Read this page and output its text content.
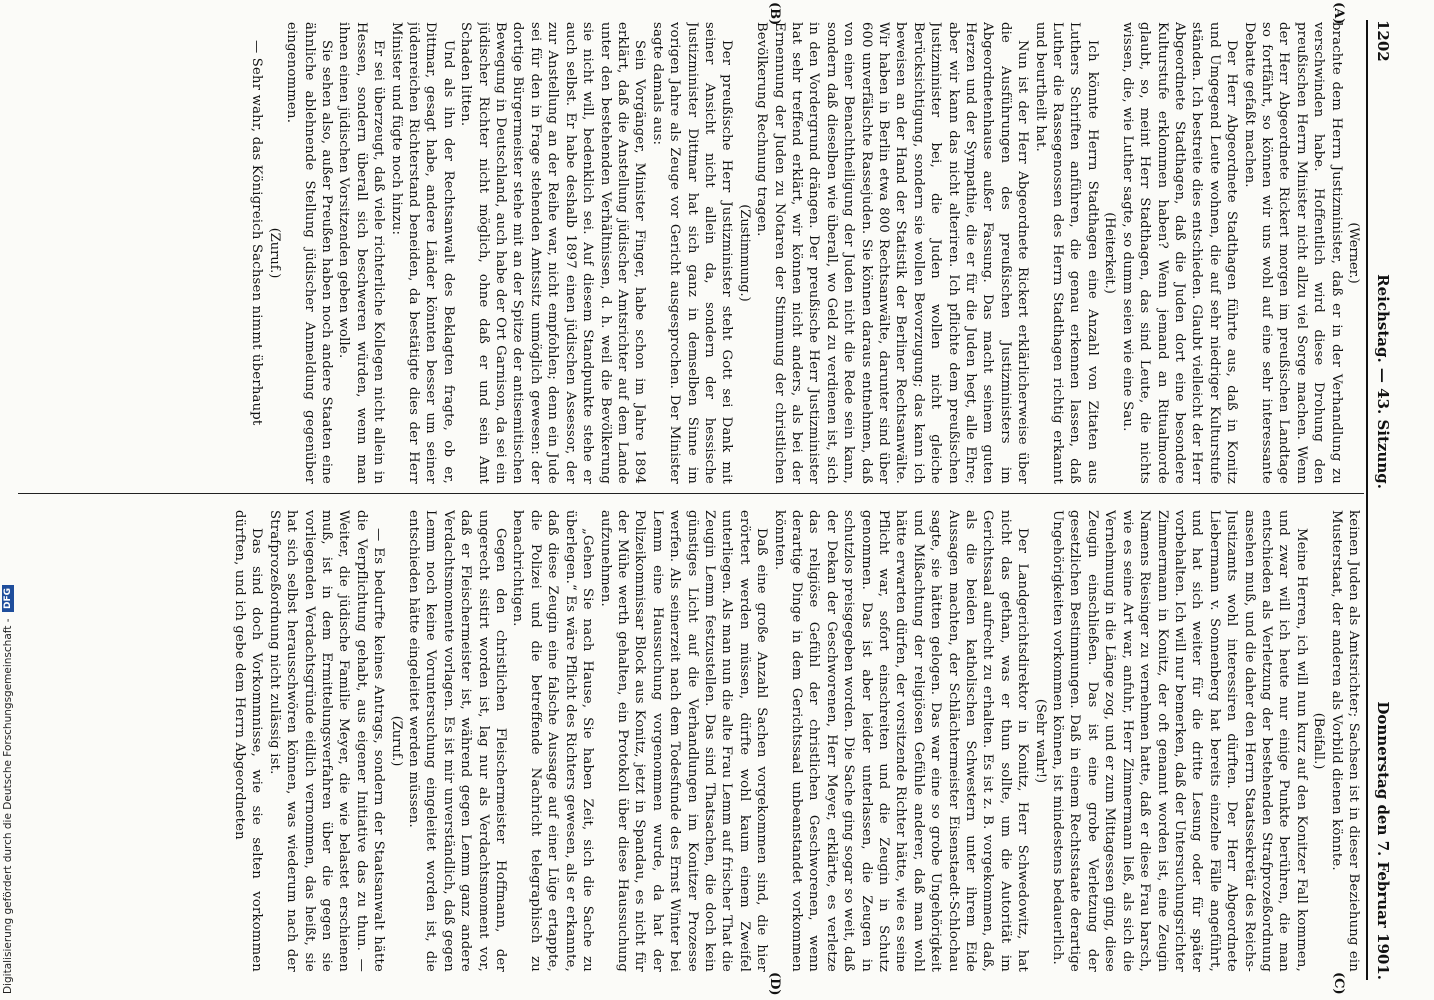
Digitalisierung gefördert durch die Deutsche Forschungsgemeinschaft -
DFG
1202
Reichstag. — 43. Sitzung.
Donnerstag den 7. Februar 1901.
(A)
(B)
(C)
(D)

(Werner.)

brachte dem Herrn Justizminister, daß er in der Verhandlung zu verschwinden habe. Hoffentlich wird diese Drohung den preußischen Herrn Minister nicht allzu viel Sorge machen. Wenn der Herr Abgeordnete Rickert morgen im preußischen Landtage so fortfährt, so können wir uns wohl auf eine sehr interessante Debatte gefaßt machen.

Der Herr Abgeordnete Stadthagen führte aus, daß in Konitz und Umgegend Leute wohnen, die auf sehr niedriger Kulturstufe ständen. Ich bestreite dies entschieden. Glaubt vielleicht der Herr Abgeordnete Stadthagen, daß die Juden dort eine besondere Kulturstufe erklommen haben? Wenn jemand an Ritualmorde glaubt, so, meint Herr Stadthagen, das sind Leute, die nichts wissen, die, wie Luther sagte, so dumm seien wie eine Sau.

(Heiterkeit.)

Ich könnte Herrn Stadthagen eine Anzahl von Zitaten aus Luthers Schriften anführen, die genau erkennen lassen, daß Luther die Rassegenossen des Herrn Stadthagen richtig erkannt und beurtheilt hat.

Nun ist der Herr Abgeordnete Rickert erklärlicherweise über die Ausführungen des preußischen Justizministers im Abgeordnetenhause außer Fassung. Das macht seinem guten Herzen und der Sympathie, die er für die Juden hegt, alle Ehre; aber wir kann das nicht alteriren. Ich pflichte dem preußischen Justizminister bei, die Juden wollen nicht gleiche Berücksichtigung, sondern sie wollen Bevorzugung; das kann ich beweisen an der Hand der Statistik der Berliner Rechtsanwälte. Wir haben in Berlin etwa 800 Rechtsanwälte, darunter sind über 600 unverfälschte Rassejuden. Sie können daraus entnehmen, daß von einer Benachtheiligung der Juden nicht die Rede sein kann, sondern daß dieselben wie überall, wo Geld zu verdienen ist, sich in den Vordergrund drängen. Der preußische Herr Justizminister hat sehr treffend erklärt, wir können nicht anders, als bei der Ernennung der Juden zu Notaren der Stimmung der christlichen Bevölkerung Rechnung tragen.

(Zustimmung.)

Der preußische Herr Justizminister steht Gott sei Dank mit seiner Ansicht nicht allein da, sondern der hessische Justizminister Dittmar hat sich ganz in demselben Sinne im vorigen Jahre als Zeuge vor Gericht ausgesprochen. Der Minister sagte damals aus:

Sein Vorgänger, Minister Finger, habe schon im Jahre 1894 erklärt, daß die Anstellung jüdischer Amtsrichter auf dem Lande unter den bestehenden Verhältnissen, d. h. weil die Bevölkerung sie nicht will, bedenklich sei. Auf diesem Standpunkte stehe er auch selbst. Er habe deshalb 1897 einen jüdischen Assessor, der zur Anstellung an der Reihe war, nicht empfohlen; denn ein Jude sei für den in Frage stehenden Amtssitz unmöglich gewesen: der dortige Bürgermeister stehe mit an der Spitze der antisemitischen Bewegung in Deutschland, auch habe der Ort Garnison, da sei ein jüdischer Richter nicht möglich, ohne daß er und sein Amt Schaden litten.

Und als ihn der Rechtsanwalt des Beklagten fragte, ob er, Dittmar, gesagt habe, andere Länder könnten besser um seiner jüdenreichen Richterstand beneiden, da bestätigte dies der Herr Minister und fügte noch hinzu:

Er sei überzeugt, daß viele richterliche Kollegen nicht allein in Hessen, sondern überall sich beschweren würden, wenn man ihnen einen jüdischen Vorsitzenden geben wolle.

Sie sehen also, außer Preußen haben noch andere Staaten eine ähnliche ablehnende Stellung jüdischer Anmeldung gegenüber eingenommen.

(Zuruf.)

— Sehr wahr, das Königreich Sachsen nimmt überhaupt

keinen Juden als Amtsrichter; Sachsen ist in dieser Beziehung ein Musterstaat, der anderen als Vorbild dienen könnte.

(Beifall.)

Meine Herren, ich will nun kurz auf den Konitzer Fall kommen, und zwar will ich heute nur einige Punkte berühren, die man entschieden als Verletzung der bestehenden Strafprozeßordnung ansehen muß, und die daher den Herrn Staatssekretär des Reichs-Justizamts wohl interessiren dürften. Der Herr Abgeordnete Liebermann v. Sonnenberg hat bereits einzelne Fälle angeführt, und hat sich weiter für die dritte Lesung oder für später vorbehalten. Ich will nur bemerken, daß der Untersuchungsrichter Zimmermann in Konitz, der oft genannt worden ist, eine Zeugin Namens Riesinger zu vernehmen hatte, daß er diese Frau barsch, wie es seine Art war, anfuhr, Herr Zimmermann ließ, als sich die Vernehmung in die Länge zog, und er zum Mittagessen ging, diese Zeugin einschließen. Das ist eine grobe Verletzung der gesetzlichen Bestimmungen. Daß in einem Rechtsstaate derartige Ungehörigkeiten vorkommen können, ist mindestens bedauerlich.

(Sehr wahr!)

Der Landgerichtsdirektor in Konitz, Herr Schwedowitz, hat nicht das gethan, was er thun sollte, um die Autorität im Gerichtssaal aufrecht zu erhalten. Es ist z. B. vorgekommen, daß, als die beiden katholischen Schwestern unter ihrem Eide Aussagen machten, der Schlächtermeister Eisenstaedt-Schlochau sagte, sie hätten gelogen. Das war eine so grobe Ungehörigkeit und Mißachtung der religiösen Gefühle anderer, daß man wohl hätte erwarten dürfen, der vorsitzende Richter hätte, wie es seine Pflicht war, sofort einschreiten und die Zeugin in Schutz genommen. Das ist aber leider unterlassen, die Zeugen in schutzlos preisgegeben worden. Die Sache ging sogar so weit, daß der Dekan der Geschworenen, Herr Meyer, erklärte, es verletze das religiöse Gefühl der christlichen Geschworenen, wenn derartige Dinge in dem Gerichtssaal unbeanstandet vorkommen könnten.

Daß eine große Anzahl Sachen vorgekommen sind, die hier erörtert werden müssen, dürfte wohl kaum einem Zweifel unterliegen. Als man nun die alte Frau Lemm auf frischer That die Zeugin Lemm festzustellen. Das sind Thatsachen, die doch kein günstiges Licht auf die Verhandlungen im Konitzer Prozesse werfen. Als seinerzeit nach dem Todesfunde des Ernst Winter bei Lemm eine Haussuchung vorgenommen wurde, da hat der Polizeikommissar Block aus Konitz, jetzt in Spandau, es nicht für der Mühe werth gehalten, ein Protokoll über diese Haussuchung aufzunehmen.

„Gehen Sie nach Hause, Sie haben Zeit, sich die Sache zu überlegen.“ Es wäre Pflicht des Richters gewesen, als er erkannte, daß diese Zeugin eine falsche Aussage auf einer Lüge ertappte, die Polizei und die betreffende Nachricht telegraphisch zu benachrichtigen.

Gegen den christlichen Fleischermeister Hoffmann, der ungerecht sistirt worden ist, lag nur als Verdachtsmoment vor, daß er Fleischermeister ist, während gegen Lemm ganz andere Verdachtsmomente vorlagen. Es ist mir unverständlich, daß gegen Lemm noch keine Voruntersuchung eingeleitet worden ist, die entschieden hätte eingeleitet werden müssen.

(Zuruf.)

— Es bedurfte keines Antrags, sondern der Staatsanwalt hätte die Verpflichtung gehabt, aus eigener Initiative das zu thun. — Weiter, die jüdische Familie Meyer, die wie belastet erschienen muß, ist in dem Ermittelungsverfahren über die gegen sie vorliegenden Verdachtsgründe eidlich vernommen, das heißt, sie hat sich selbst herausschwören können, was wiederum nach der Strafprozeßordnung nicht zulässig ist.

Das sind doch Vorkommnisse, wie sie selten vorkommen dürften, und ich gebe dem Herrn Abgeordneten
